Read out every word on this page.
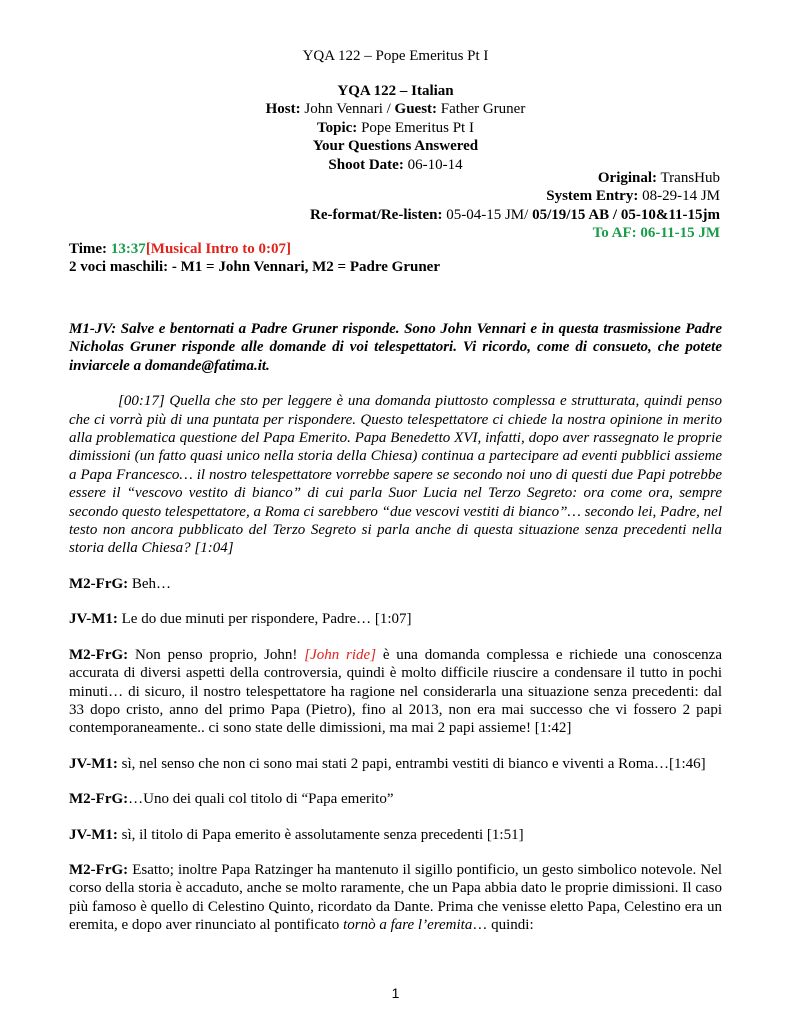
YQA 122 – Pope Emeritus Pt I
YQA 122 – Italian
Host: John Vennari / Guest: Father Gruner
Topic: Pope Emeritus Pt I
Your Questions Answered
Shoot Date: 06-10-14
Original: TransHub
System Entry: 08-29-14 JM
Re-format/Re-listen: 05-04-15 JM/ 05/19/15 AB / 05-10&11-15jm
To AF: 06-11-15 JM
Time: 13:37[Musical Intro to 0:07]
2 voci maschili: - M1 = John Vennari, M2 = Padre Gruner

M1-JV: Salve e bentornati a Padre Gruner risponde. Sono John Vennari e in questa trasmissione Padre Nicholas Gruner risponde alle domande di voi telespettatori. Vi ricordo, come di consueto, che potete inviarcele a domande@fatima.it.

[00:17] Quella che sto per leggere è una domanda piuttosto complessa e strutturata, quindi penso che ci vorrà più di una puntata per rispondere. Questo telespettatore ci chiede la nostra opinione in merito alla problematica questione del Papa Emerito. Papa Benedetto XVI, infatti, dopo aver rassegnato le proprie dimissioni (un fatto quasi unico nella storia della Chiesa) continua a partecipare ad eventi pubblici assieme a Papa Francesco… il nostro telespettatore vorrebbe sapere se secondo noi uno di questi due Papi potrebbe essere il “vescovo vestito di bianco” di cui parla Suor Lucia nel Terzo Segreto: ora come ora, sempre secondo questo telespettatore, a Roma ci sarebbero “due vescovi vestiti di bianco”… secondo lei, Padre, nel testo non ancora pubblicato del Terzo Segreto si parla anche di questa situazione senza precedenti nella storia della Chiesa? [1:04]

M2-FrG: Beh…

JV-M1: Le do due minuti per rispondere, Padre… [1:07]

M2-FrG: Non penso proprio, John! [John ride] è una domanda complessa e richiede una conoscenza accurata di diversi aspetti della controversia, quindi è molto difficile riuscire a condensare il tutto in pochi minuti… di sicuro, il nostro telespettatore ha ragione nel considerarla una situazione senza precedenti: dal 33 dopo cristo, anno del primo Papa (Pietro), fino al 2013, non era mai successo che vi fossero 2 papi contemporaneamente.. ci sono state delle dimissioni, ma mai 2 papi assieme! [1:42]

JV-M1: sì, nel senso che non ci sono mai stati 2 papi, entrambi vestiti di bianco e viventi a Roma…[1:46]

M2-FrG:…Uno dei quali col titolo di “Papa emerito”

JV-M1: sì, il titolo di Papa emerito è assolutamente senza precedenti [1:51]

M2-FrG: Esatto; inoltre Papa Ratzinger ha mantenuto il sigillo pontificio, un gesto simbolico notevole. Nel corso della storia è accaduto, anche se molto raramente, che un Papa abbia dato le proprie dimissioni. Il caso più famoso è quello di Celestino Quinto, ricordato da Dante. Prima che venisse eletto Papa, Celestino era un eremita, e dopo aver rinunciato al pontificato tornò a fare l’eremita… quindi:

1
